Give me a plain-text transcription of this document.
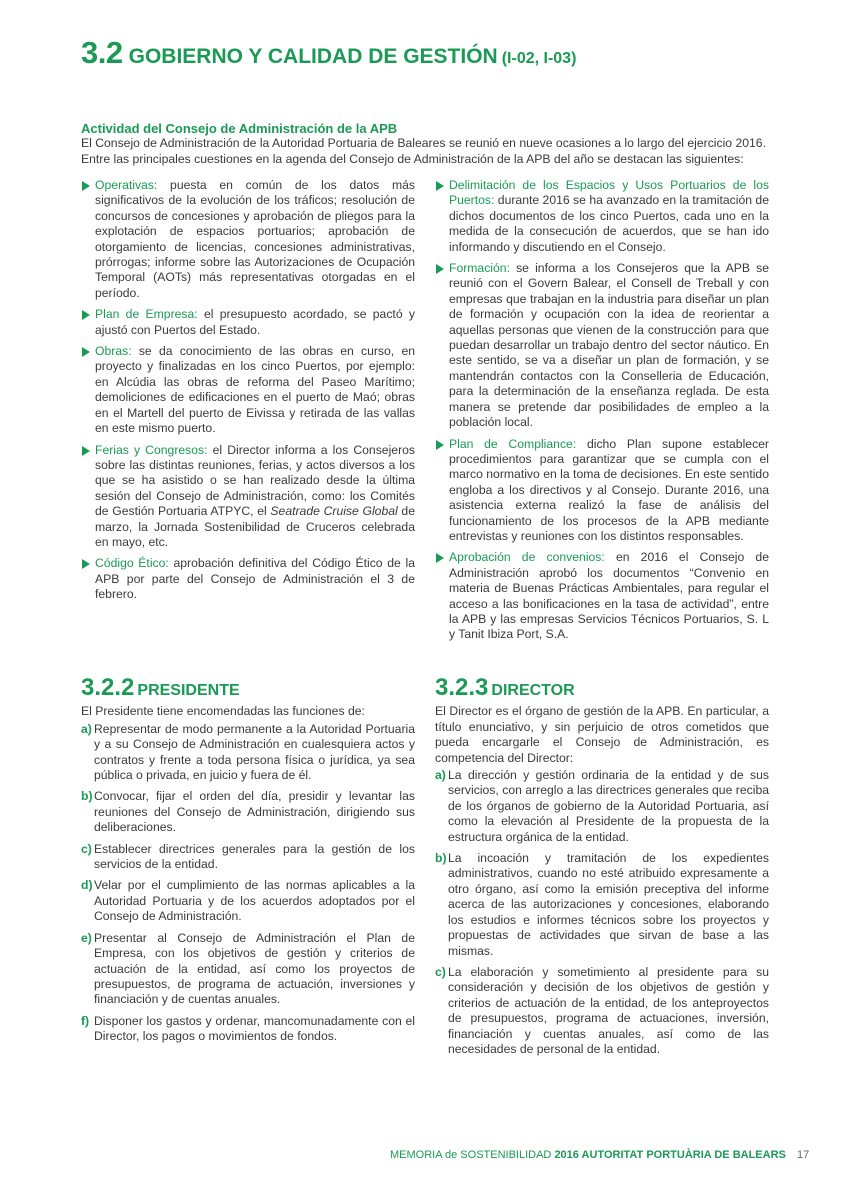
3.2 GOBIERNO Y CALIDAD DE GESTIÓN (I-02, I-03)

Actividad del Consejo de Administración de la APB

El Consejo de Administración de la Autoridad Portuaria de Baleares se reunió en nueve ocasiones a lo largo del ejercicio 2016. Entre las principales cuestiones en la agenda del Consejo de Administración de la APB del año se destacan las siguientes:

Operativas: puesta en común de los datos más significativos de la evolución de los tráficos; resolución de concursos de concesiones y aprobación de pliegos para la explotación de espacios portuarios; aprobación de otorgamiento de licencias, concesiones administrativas, prórrogas; informe sobre las Autorizaciones de Ocupación Temporal (AOTs) más representativas otorgadas en el período.
Plan de Empresa: el presupuesto acordado, se pactó y ajustó con Puertos del Estado.
Obras: se da conocimiento de las obras en curso, en proyecto y finalizadas en los cinco Puertos, por ejemplo: en Alcúdia las obras de reforma del Paseo Marítimo; demoliciones de edificaciones en el puerto de Maó; obras en el Martell del puerto de Eivissa y retirada de las vallas en este mismo puerto.
Ferias y Congresos: el Director informa a los Consejeros sobre las distintas reuniones, ferias, y actos diversos a los que se ha asistido o se han realizado desde la última sesión del Consejo de Administración, como: los Comités de Gestión Portuaria ATPYC, el Seatrade Cruise Global de marzo, la Jornada Sostenibilidad de Cruceros celebrada en mayo, etc.
Código Ético: aprobación definitiva del Código Ético de la APB por parte del Consejo de Administración el 3 de febrero.
Delimitación de los Espacios y Usos Portuarios de los Puertos: durante 2016 se ha avanzado en la tramitación de dichos documentos de los cinco Puertos, cada uno en la medida de la consecución de acuerdos, que se han ido informando y discutiendo en el Consejo.
Formación: se informa a los Consejeros que la APB se reunió con el Govern Balear, el Consell de Treball y con empresas que trabajan en la industria para diseñar un plan de formación y ocupación con la idea de reorientar a aquellas personas que vienen de la construcción para que puedan desarrollar un trabajo dentro del sector náutico. En este sentido, se va a diseñar un plan de formación, y se mantendrán contactos con la Conselleria de Educación, para la determinación de la enseñanza reglada. De esta manera se pretende dar posibilidades de empleo a la población local.
Plan de Compliance: dicho Plan supone establecer procedimientos para garantizar que se cumpla con el marco normativo en la toma de decisiones. En este sentido engloba a los directivos y al Consejo. Durante 2016, una asistencia externa realizó la fase de análisis del funcionamiento de los procesos de la APB mediante entrevistas y reuniones con los distintos responsables.
Aprobación de convenios: en 2016 el Consejo de Administración aprobó los documentos “Convenio en materia de Buenas Prácticas Ambientales, para regular el acceso a las bonificaciones en la tasa de actividad”, entre la APB y las empresas Servicios Técnicos Portuarios, S. L y Tanit Ibiza Port, S.A.
3.2.2 PRESIDENTE

El Presidente tiene encomendadas las funciones de:

a) Representar de modo permanente a la Autoridad Portuaria y a su Consejo de Administración en cualesquiera actos y contratos y frente a toda persona física o jurídica, ya sea pública o privada, en juicio y fuera de él.
b) Convocar, fijar el orden del día, presidir y levantar las reuniones del Consejo de Administración, dirigiendo sus deliberaciones.
c) Establecer directrices generales para la gestión de los servicios de la entidad.
d) Velar por el cumplimiento de las normas aplicables a la Autoridad Portuaria y de los acuerdos adoptados por el Consejo de Administración.
e) Presentar al Consejo de Administración el Plan de Empresa, con los objetivos de gestión y criterios de actuación de la entidad, así como los proyectos de presupuestos, de programa de actuación, inversiones y financiación y de cuentas anuales.
f) Disponer los gastos y ordenar, mancomunadamente con el Director, los pagos o movimientos de fondos.
3.2.3 DIRECTOR

El Director es el órgano de gestión de la APB. En particular, a título enunciativo, y sin perjuicio de otros cometidos que pueda encargarle el Consejo de Administración, es competencia del Director:

a) La dirección y gestión ordinaria de la entidad y de sus servicios, con arreglo a las directrices generales que reciba de los órganos de gobierno de la Autoridad Portuaria, así como la elevación al Presidente de la propuesta de la estructura orgánica de la entidad.
b) La incoación y tramitación de los expedientes administrativos, cuando no esté atribuido expresamente a otro órgano, así como la emisión preceptiva del informe acerca de las autorizaciones y concesiones, elaborando los estudios e informes técnicos sobre los proyectos y propuestas de actividades que sirvan de base a las mismas.
c) La elaboración y sometimiento al presidente para su consideración y decisión de los objetivos de gestión y criterios de actuación de la entidad, de los anteproyectos de presupuestos, programa de actuaciones, inversión, financiación y cuentas anuales, así como de las necesidades de personal de la entidad.
MEMORIA de SOSTENIBILIDAD 2016 AUTORITAT PORTUÀRIA DE BALEARS 17
